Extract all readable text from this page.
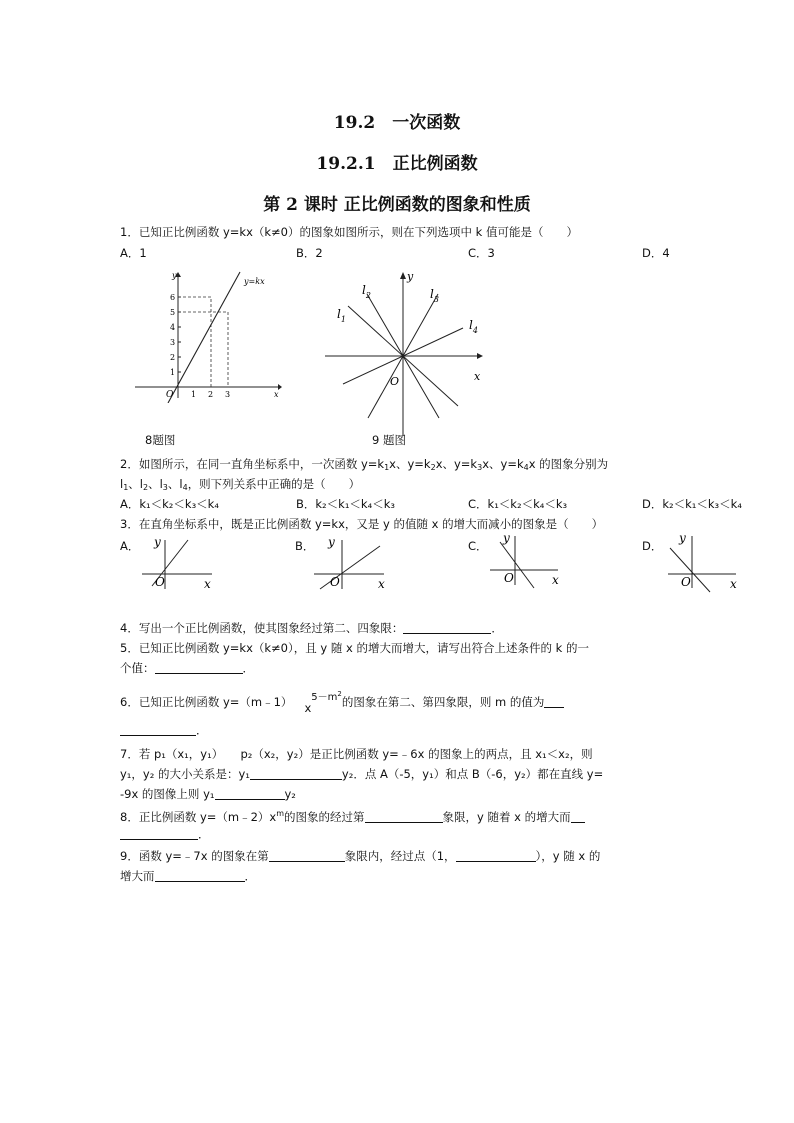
19.2　一次函数
19.2.1　正比例函数
第 2 课时 正比例函数的图象和性质
1．已知正比例函数 y=kx（k≠0）的图象如图所示，则在下列选项中 k 值可能是（　　）
A．1	B．2	C．3	D．4
y=kx
y
x
O
6
5
4
3
2
1
1 2 3
8题图
y
x
O
$l_1$
$l_2$	$l_3$
$l_4$
9 题图
2．如图所示，在同一直角坐标系中，一次函数 $y=k_1x$、$y=k_2x$、$y=k_3x$、$y=k_4x$ 的图象分别为
$l_1$、$l_2$、$l_3$、$l_4$，则下列关系中正确的是（　　）
A．k₁＜k₂＜k₃＜k₄	B．k₂＜k₁＜k₄＜k₃	C．k₁＜k₂＜k₄＜k₃	D．k₂＜k₁＜k₃＜k₄
3．在直角坐标系中，既是正比例函数 y=kx，又是 y 的值随 x 的增大而减小的图象是（　　）
A． y
x
O
B． y
x
O
C．
y
x
O
D．
y
x
O
4．写出一个正比例函数，使其图象经过第二、四象限：	．
5．已知正比例函数 y=kx（k≠0），且 y 随 x 的增大而增大，请写出符合上述条件的 k 的一
个值：	．
6．已知正比例函数 y=（m﹣1） $x5-m^2$的图象在第二、第四象限，则 m 的值为
．
7．若 p₁（x₁，y₁）　　p₂（x₂，y₂）是正比例函数 y=﹣6x 的图象上的两点，且 x₁＜x₂，则
y₁，y₂ 的大小关系是：y₁	y₂．点 A（-5，y₁）和点 B（-6，y₂）都在直线 y=
-9x 的图像上则 y₁	y₂
8．正比例函数 $y=(m﹣2)x^m$的图象的经过第	象限，y 随着 x 的增大而
．
9．函数 y=﹣7x 的图象在第	象限内，经过点（1，	），y 随 x 的
增大而	．
